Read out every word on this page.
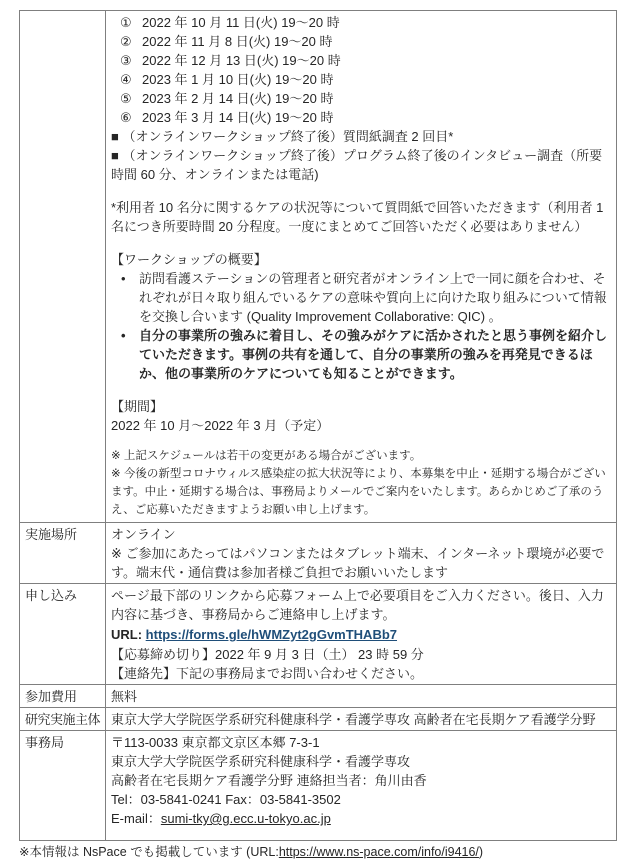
① 2022 年 10 月 11 日(火) 19～20 時
② 2022 年 11 月 8 日(火) 19～20 時
③ 2022 年 12 月 13 日(火) 19～20 時
④ 2023 年 1 月 10 日(火) 19～20 時
⑤ 2023 年 2 月 14 日(火) 19～20 時
⑥ 2023 年 3 月 14 日(火) 19～20 時

■ （オンラインワークショップ終了後）質問紙調査 2 回目*

■ （オンラインワークショップ終了後）プログラム終了後のインタビュー調査（所要時間 60 分、オンラインまたは電話)

*利用者 10 名分に関するケアの状況等について質問紙で回答いただきます（利用者 1 名につき所要時間 20 分程度。一度にまとめてご回答いただく必要はありません）

【ワークショップの概要】

•	訪問看護ステーションの管理者と研究者がオンライン上で一同に顔を合わせ、それぞれが日々取り組んでいるケアの意味や質向上に向けた取り組みについて情報を交換し合います (Quality Improvement Collaborative: QIC) 。
•	自分の事業所の強みに着目し、その強みがケアに活かされたと思う事例を紹介していただきます。事例の共有を通して、自分の事業所の強みを再発見できるほか、他の事業所のケアについても知ることができます。

【期間】

2022 年 10 月～2022 年 3 月（予定）

※ 上記スケジュールは若干の変更がある場合がございます。

※ 今後の新型コロナウィルス感染症の拡大状況等により、本募集を中止・延期する場合がございます。中止・延期する場合は、事務局よりメールでご案内をいたします。あらかじめご了承のうえ、ご応募いただきますようお願い申し上げます。

実施場所	オンライン
※ ご参加にあたってはパソコンまたはタブレット端末、インターネット環境が必要です。端末代・通信費は参加者様ご負担でお願いいたします

申し込み	ページ最下部のリンクから応募フォーム上で必要項目をご入力ください。後日、入力内容に基づき、事務局からご連絡申し上げます。
URL: https://forms.gle/hWMZyt2gGvmTHABb7
【応募締め切り】2022 年 9 月 3 日（土） 23 時 59 分
【連絡先】下記の事務局までお問い合わせください。

参加費用	無料
研究実施主体	東京大学大学院医学系研究科健康科学・看護学専攻 高齢者在宅長期ケア看護学分野
事務局	〒113-0033 東京都文京区本郷 7-3-1
東京大学大学院医学系研究科健康科学・看護学専攻
高齢者在宅長期ケア看護学分野 連絡担当者：角川由香
Tel：03-5841-0241 Fax：03-5841-3502
E-mail：sumi-tky@g.ecc.u-tokyo.ac.jp
※本情報は NsPace でも掲載しています (URL:https://www.ns-pace.com/info/i9416/)
